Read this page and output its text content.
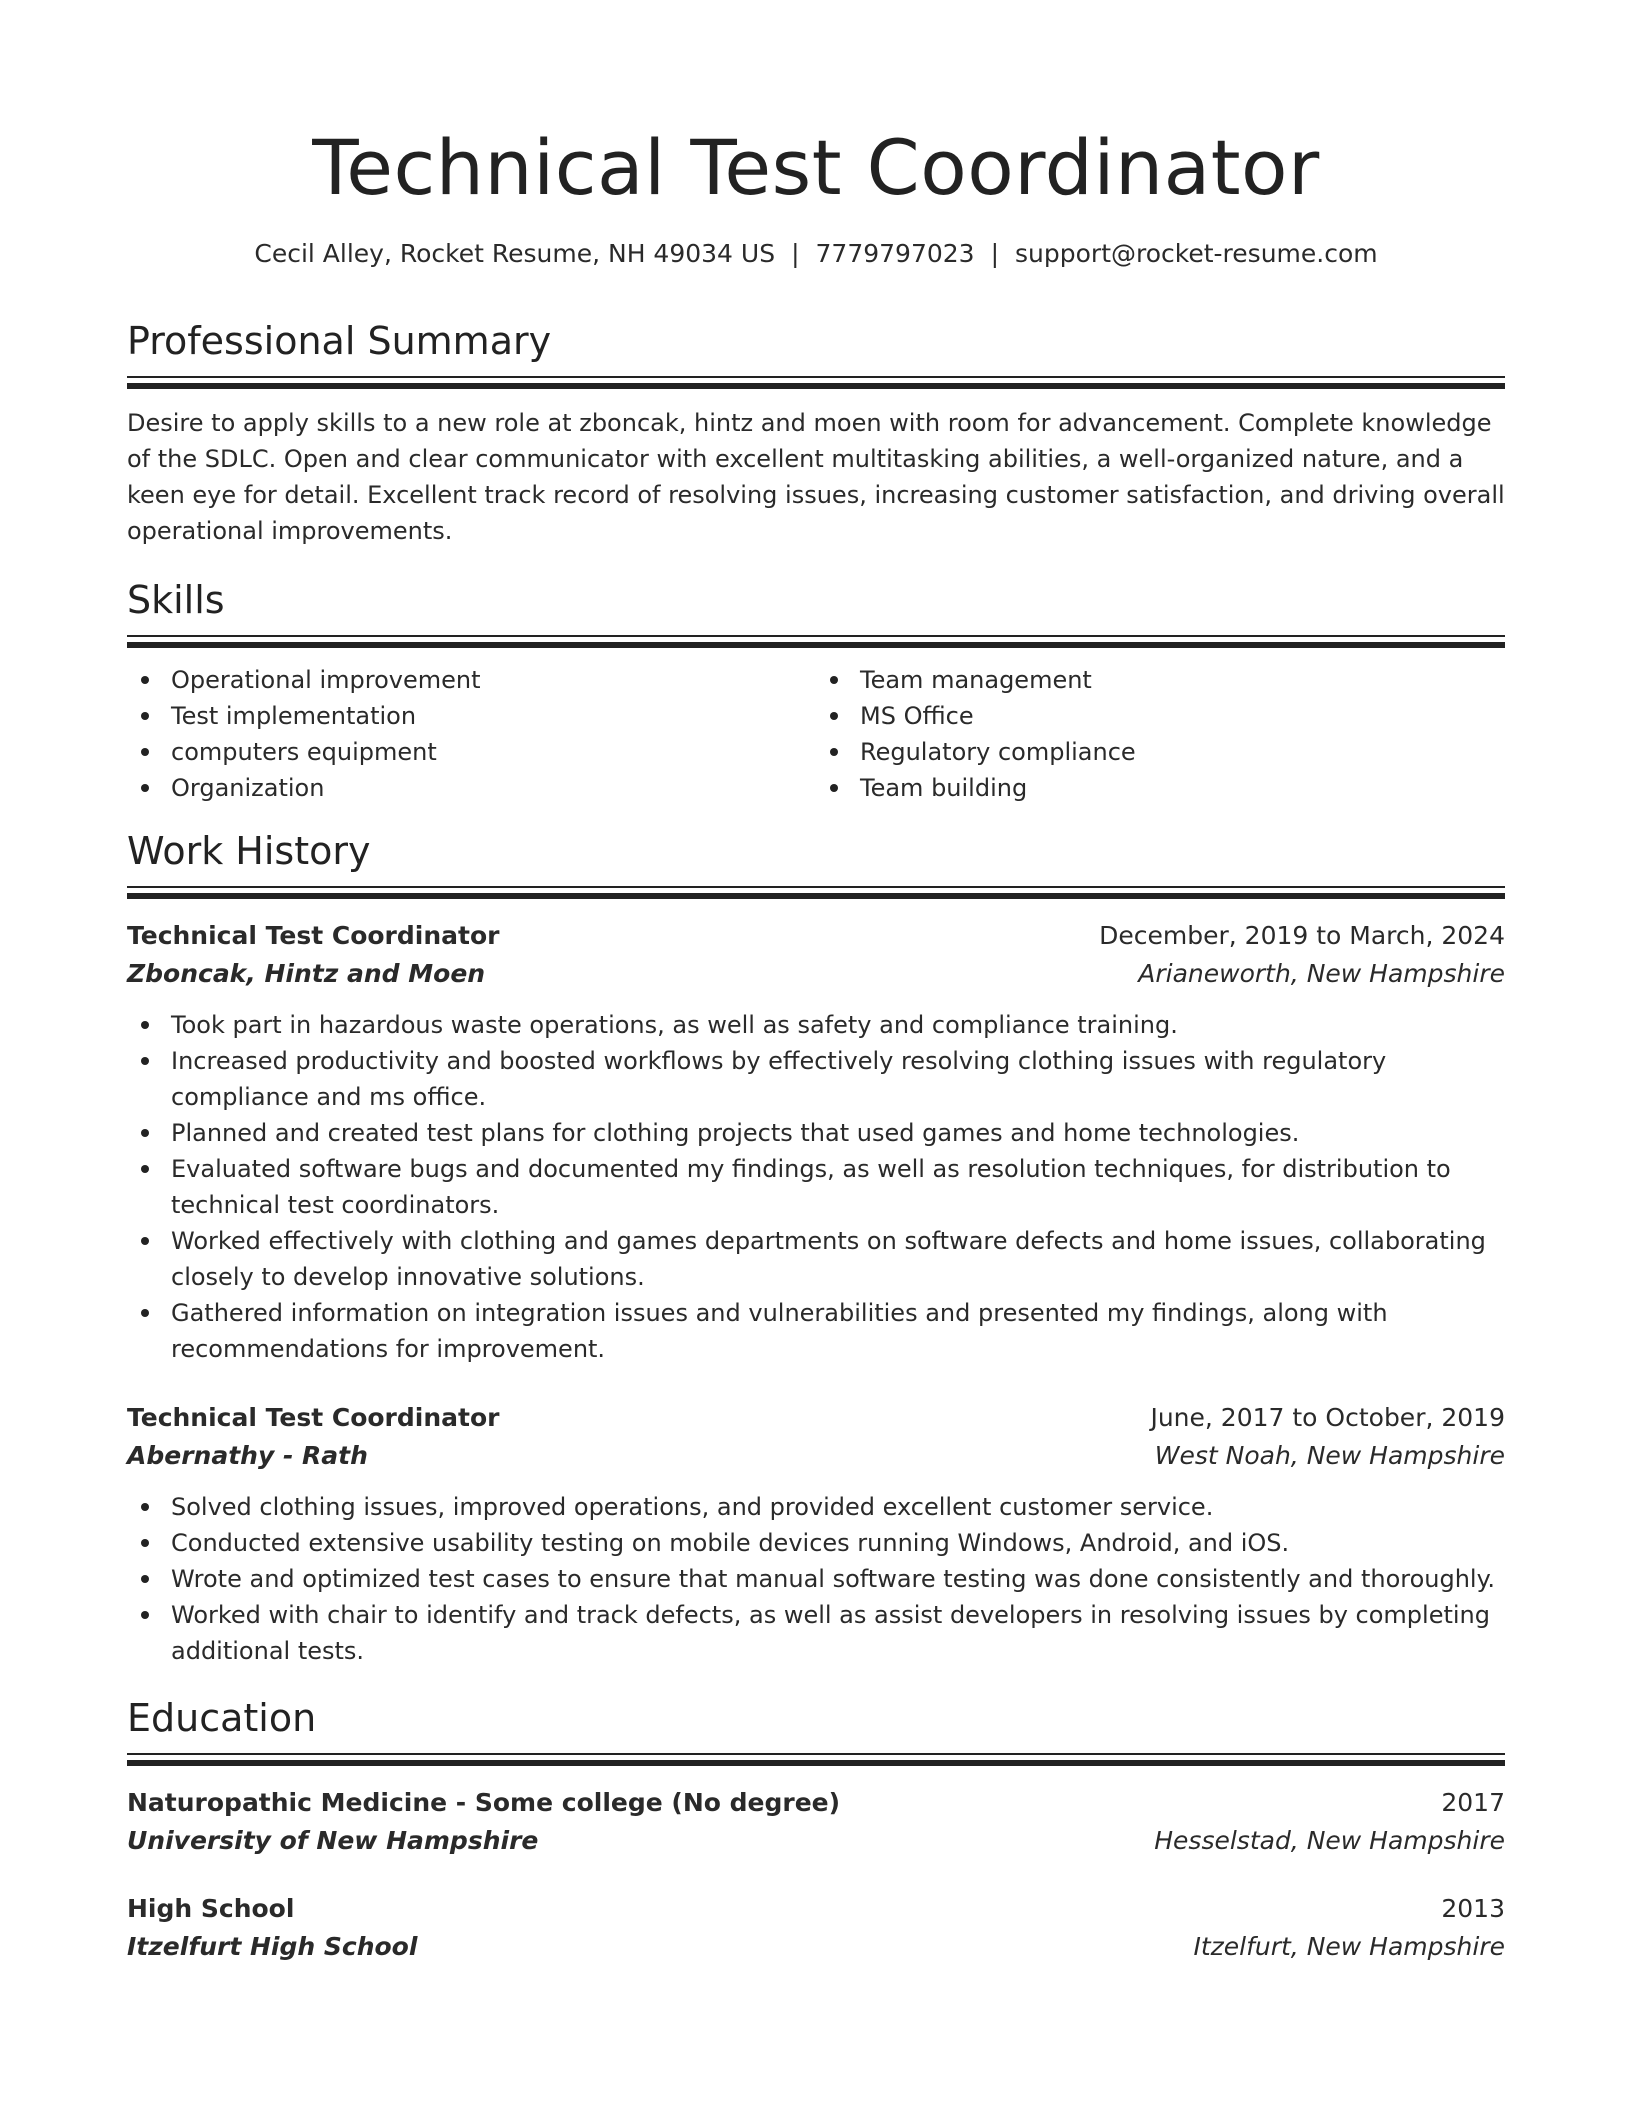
Technical Test Coordinator
Cecil Alley, Rocket Resume, NH 49034 US | 7779797023 | support@rocket-resume.com
Professional Summary

Desire to apply skills to a new role at zboncak, hintz and moen with room for advancement. Complete knowledge of the SDLC. Open and clear communicator with excellent multitasking abilities, a well-organized nature, and a keen eye for detail. Excellent track record of resolving issues, increasing customer satisfaction, and driving overall operational improvements.

Skills
Operational improvement
Test implementation
computers equipment
Organization
Team management
MS Office
Regulatory compliance
Team building
Work History
Technical Test Coordinator	December, 2019 to March, 2024
Zboncak, Hintz and Moen	Arianeworth, New Hampshire
Took part in hazardous waste operations, as well as safety and compliance training.
Increased productivity and boosted workflows by effectively resolving clothing issues with regulatory compliance and ms office.
Planned and created test plans for clothing projects that used games and home technologies.
Evaluated software bugs and documented my findings, as well as resolution techniques, for distribution to technical test coordinators.
Worked effectively with clothing and games departments on software defects and home issues, collaborating closely to develop innovative solutions.
Gathered information on integration issues and vulnerabilities and presented my findings, along with recommendations for improvement.
Technical Test Coordinator	June, 2017 to October, 2019
Abernathy - Rath	West Noah, New Hampshire
Solved clothing issues, improved operations, and provided excellent customer service.
Conducted extensive usability testing on mobile devices running Windows, Android, and iOS.
Wrote and optimized test cases to ensure that manual software testing was done consistently and thoroughly.
Worked with chair to identify and track defects, as well as assist developers in resolving issues by completing additional tests.
Education
Naturopathic Medicine - Some college (No degree)	2017
University of New Hampshire	Hesselstad, New Hampshire
High School	2013
Itzelfurt High School	Itzelfurt, New Hampshire
